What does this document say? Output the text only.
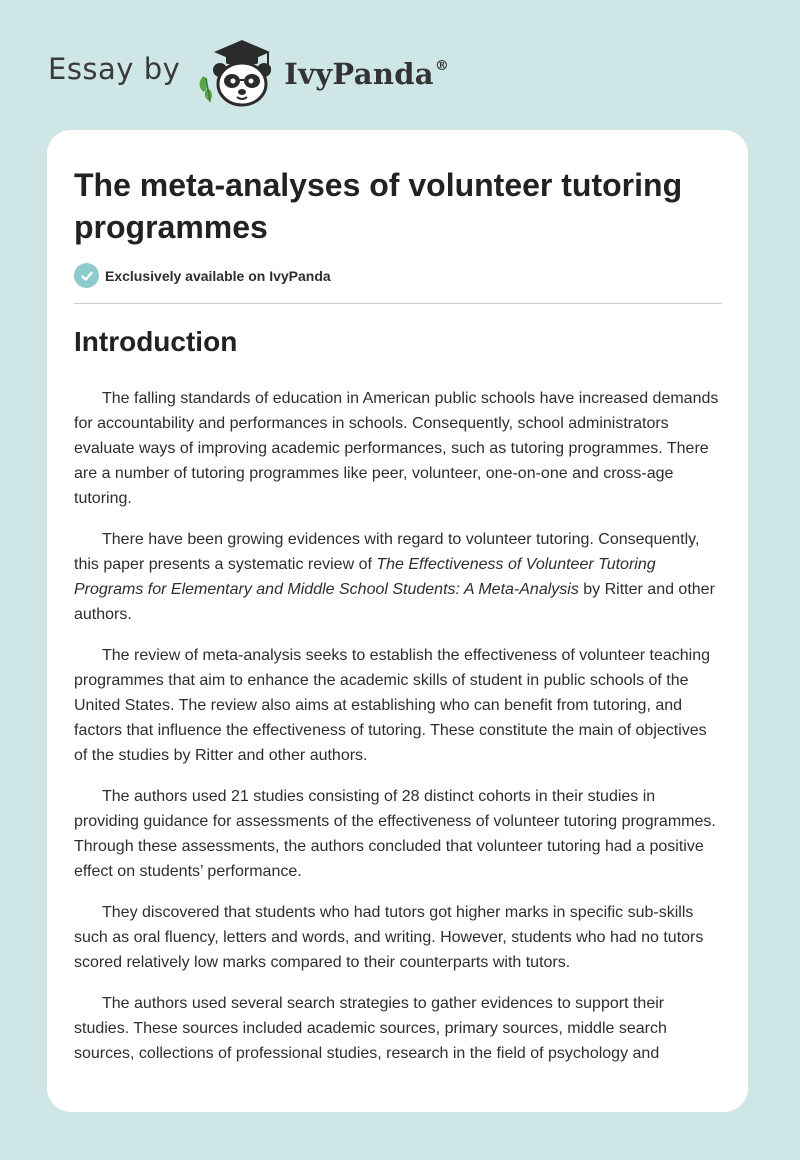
Essay by	IvyPanda®
The meta-analyses of volunteer tutoring programmes
Exclusively available on IvyPanda
Introduction

The falling standards of education in American public schools have increased demands for accountability and performances in schools. Consequently, school administrators evaluate ways of improving academic performances, such as tutoring programmes. There are a number of tutoring programmes like peer, volunteer, one-on-one and cross-age tutoring.

There have been growing evidences with regard to volunteer tutoring. Consequently, this paper presents a systematic review of The Effectiveness of Volunteer Tutoring Programs for Elementary and Middle School Students: A Meta-Analysis by Ritter and other authors.

The review of meta-analysis seeks to establish the effectiveness of volunteer teaching programmes that aim to enhance the academic skills of student in public schools of the United States. The review also aims at establishing who can benefit from tutoring, and factors that influence the effectiveness of tutoring. These constitute the main of objectives of the studies by Ritter and other authors.

The authors used 21 studies consisting of 28 distinct cohorts in their studies in providing guidance for assessments of the effectiveness of volunteer tutoring programmes. Through these assessments, the authors concluded that volunteer tutoring had a positive effect on students’ performance.

They discovered that students who had tutors got higher marks in specific sub-skills such as oral fluency, letters and words, and writing. However, students who had no tutors scored relatively low marks compared to their counterparts with tutors.

The authors used several search strategies to gather evidences to support their studies. These sources included academic sources, primary sources, middle search sources, collections of professional studies, research in the field of psychology and
